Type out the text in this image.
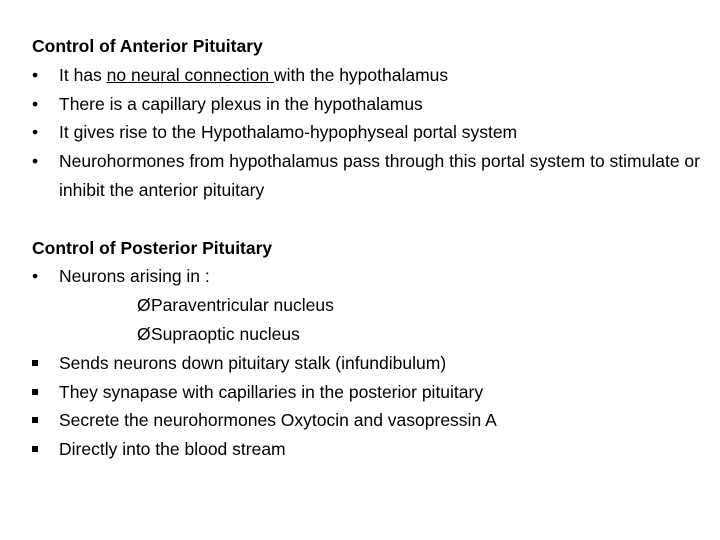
Control of Anterior Pituitary

•	It has no neural connection with the hypothalamus
•	There is a capillary plexus in the hypothalamus
•	It gives rise to the Hypothalamo-hypophyseal portal system
•	Neurohormones from hypothalamus pass through this portal system to stimulate or inhibit the anterior pituitary

Control of Posterior Pituitary

•	Neurons arising in :
ØParaventricular nucleus
ØSupraoptic nucleus
Sends neurons down pituitary stalk (infundibulum)
They synapase with capillaries in the posterior pituitary
Secrete the neurohormones Oxytocin and vasopressin A
Directly into the blood stream
